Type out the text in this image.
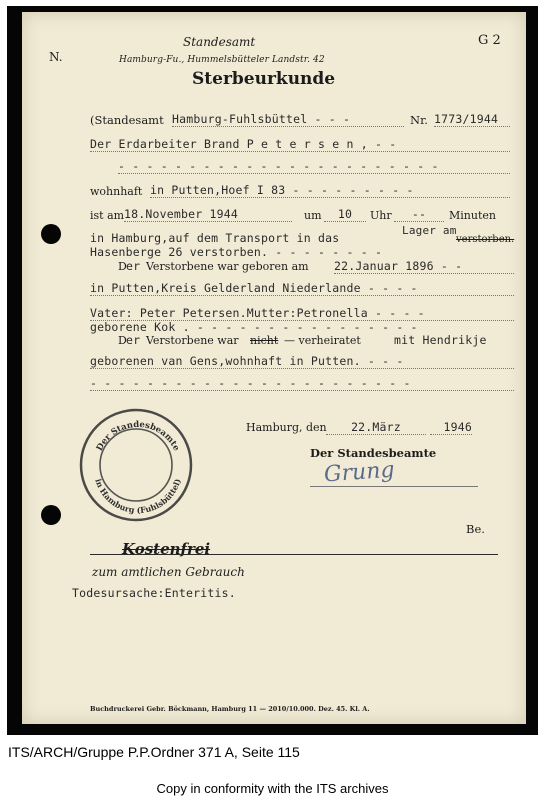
N.
Standesamt
Hamburg-Fu., Hummelsbütteler Landstr. 42
G 2
Sterbeurkunde
(Standesamt Hamburg-Fuhlsbüttel - - -	Nr. 1773/1944
Der Erdarbeiter Brand P e t e r s e n , - -
- - - - - - - - - - - - - - - - - - - - - - -
wohnhaft in Putten,Hoef I 83 - - - - - - - - -
ist am 18.November 1944	um	10	Uhr	--	Minuten
in Hamburg,auf dem Transport in das
Lager am
verstorben.
Hasenberge 26 verstorben. - - - - - - - -
D er Verstorbene war geboren am 22.Januar 1896 - -
in Putten,Kreis Gelderland Niederlande - - - -
Vater: Peter Petersen.Mutter:Petronella - - - -
geborene Kok . - - - - - - - - - - - - - - - -
D er Verstorbene war nicht — verheiratet	mit Hendrikje
geborenen van Gens,wohnhaft in Putten. - - -
- - - - - - - - - - - - - - - - - - - - - - -
Der Standesbeamte
in Hamburg (Fuhlsbüttel)
Hamburg, den	22.März	1946
Der Standesbeamte
Grung
Be.
Kostenfrei
zum amtlichen Gebrauch
Todesursache:Enteritis.
Buchdruckerei Gebr. Böckmann, Hamburg 11 — 2010/10.000. Dez. 45. Kl. A.
ITS/ARCH/Gruppe P.P.Ordner 371 A, Seite 115
Copy in conformity with the ITS archives
